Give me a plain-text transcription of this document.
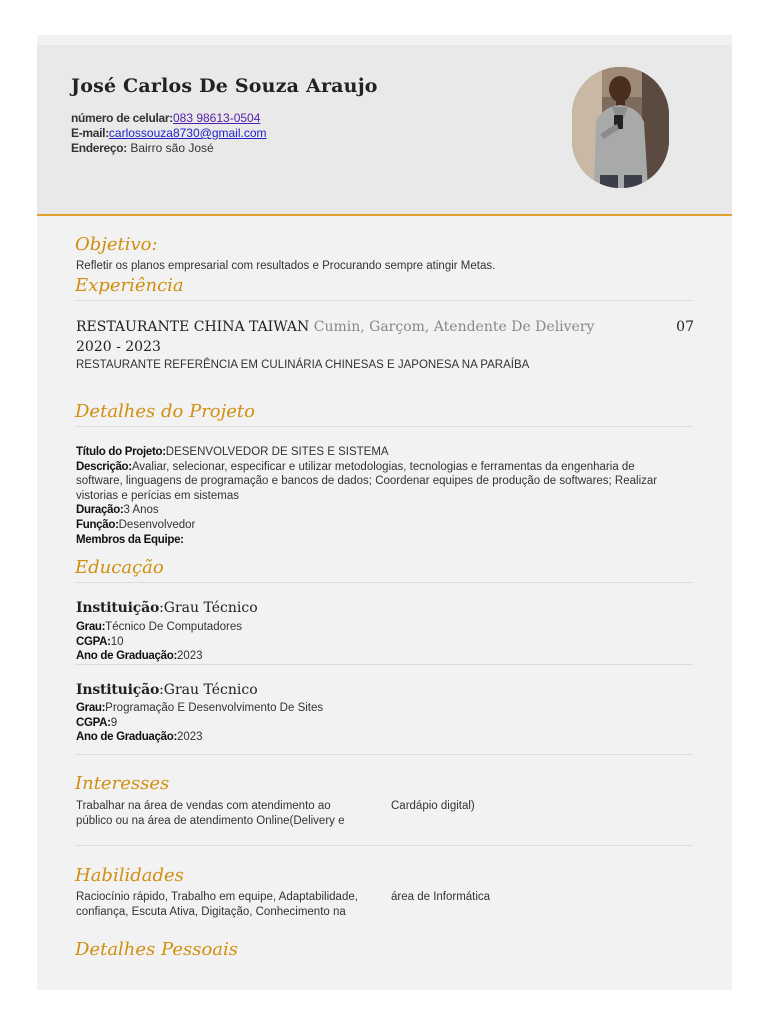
José Carlos De Souza Araujo
número de celular:083 98613-0504
E-mail:carlossouza8730@gmail.com
Endereço: Bairro são José
Objetivo:
Refletir os planos empresarial com resultados e Procurando sempre atingir Metas.
Experiência
RESTAURANTE CHINA TAIWAN Cumin, Garçom, Atendente De Delivery	07
2020 - 2023
RESTAURANTE REFERÊNCIA EM CULINÁRIA CHINESAS E JAPONESA NA PARAÍBA
Detalhes do Projeto
Título do Projeto:DESENVOLVEDOR DE SITES E SISTEMA
Descrição:Avaliar, selecionar, especificar e utilizar metodologias, tecnologias e ferramentas da engenharia de
software, linguagens de programação e bancos de dados; Coordenar equipes de produção de softwares; Realizar
vistorias e perícias em sistemas
Duração:3 Anos
Função:Desenvolvedor
Membros da Equipe:
Educação
Instituição:Grau Técnico
Grau:Técnico De Computadores
CGPA:10
Ano de Graduação:2023
Instituição:Grau Técnico
Grau:Programação E Desenvolvimento De Sites
CGPA:9
Ano de Graduação:2023
Interesses
Trabalhar na área de vendas com atendimento ao
público ou na área de atendimento Online(Delivery e
Cardápio digital)
Habilidades
Raciocínio rápido, Trabalho em equipe, Adaptabilidade,
confiança, Escuta Ativa, Digitação, Conhecimento na
área de Informática
Detalhes Pessoais
